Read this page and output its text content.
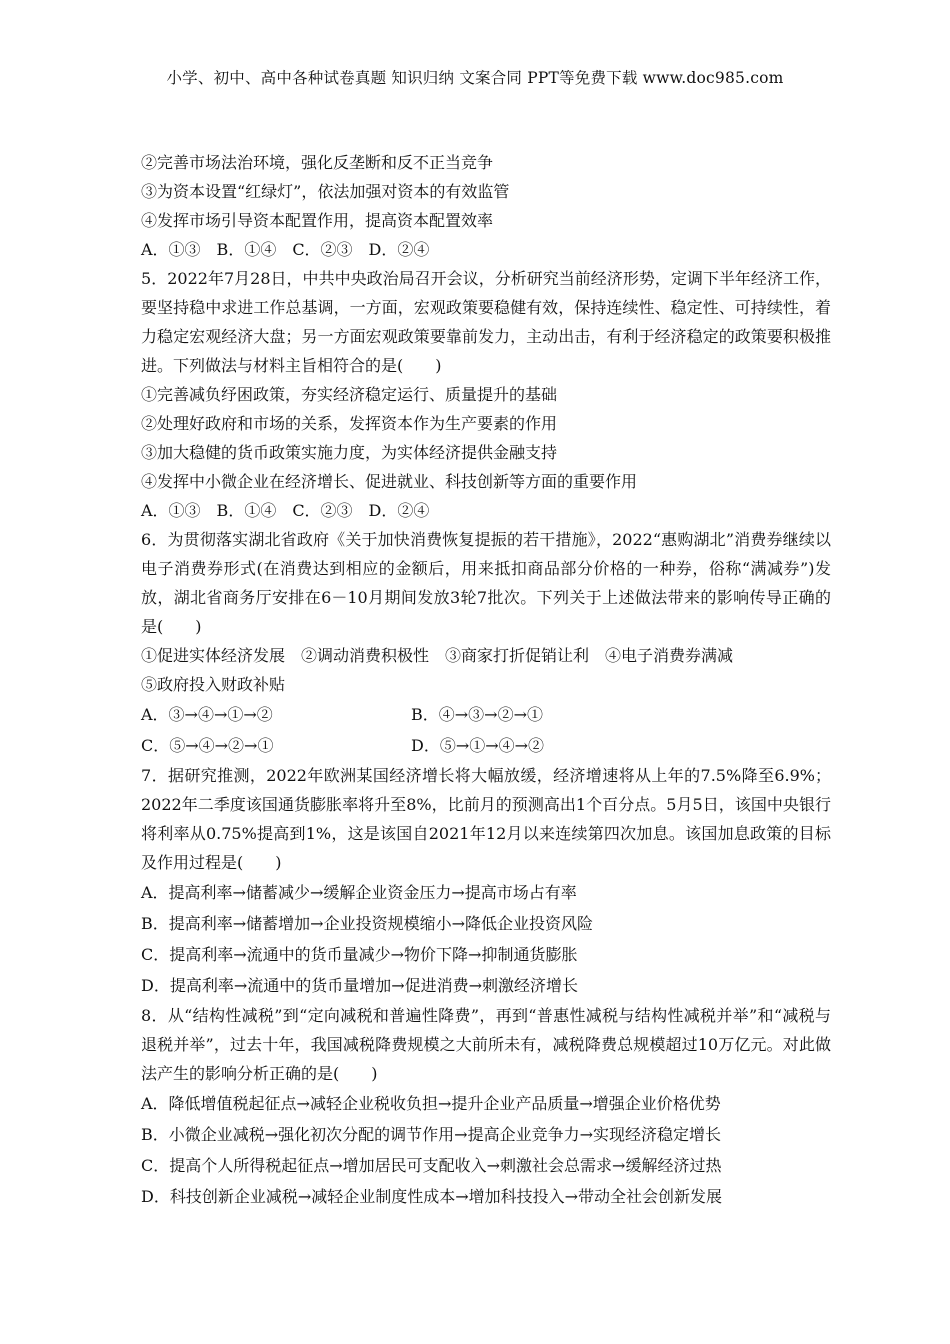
小学、初中、高中各种试卷真题 知识归纳 文案合同 PPT等免费下载 www.doc985.com
②完善市场法治环境，强化反垄断和反不正当竞争
③为资本设置“红绿灯”，依法加强对资本的有效监管
④发挥市场引导资本配置作用，提高资本配置效率
A．①③　B．①④　C．②③　D．②④
5．2022年7月28日，中共中央政治局召开会议，分析研究当前经济形势，定调下半年经济工作，要坚持稳中求进工作总基调，一方面，宏观政策要稳健有效，保持连续性、稳定性、可持续性，着力稳定宏观经济大盘；另一方面宏观政策要靠前发力，主动出击，有利于经济稳定的政策要积极推进。下列做法与材料主旨相符合的是(　　)
①完善减负纾困政策，夯实经济稳定运行、质量提升的基础
②处理好政府和市场的关系，发挥资本作为生产要素的作用
③加大稳健的货币政策实施力度，为实体经济提供金融支持
④发挥中小微企业在经济增长、促进就业、科技创新等方面的重要作用
A．①③　B．①④　C．②③　D．②④
6．为贯彻落实湖北省政府《关于加快消费恢复提振的若干措施》，2022“惠购湖北”消费券继续以电子消费券形式(在消费达到相应的金额后，用来抵扣商品部分价格的一种券，俗称“满减券”)发放，湖北省商务厅安排在6－10月期间发放3轮7批次。下列关于上述做法带来的影响传导正确的是(　　)
①促进实体经济发展　②调动消费积极性　③商家打折促销让利　④电子消费券满减
⑤政府投入财政补贴
A．③→④→①→②	B．④→③→②→①
C．⑤→④→②→①	D．⑤→①→④→②
7．据研究推测，2022年欧洲某国经济增长将大幅放缓，经济增速将从上年的7.5%降至6.9%；2022年二季度该国通货膨胀率将升至8%，比前月的预测高出1个百分点。5月5日，该国中央银行将利率从0.75%提高到1%，这是该国自2021年12月以来连续第四次加息。该国加息政策的目标及作用过程是(　　)
A．提高利率→储蓄减少→缓解企业资金压力→提高市场占有率
B．提高利率→储蓄增加→企业投资规模缩小→降低企业投资风险
C．提高利率→流通中的货币量减少→物价下降→抑制通货膨胀
D．提高利率→流通中的货币量增加→促进消费→刺激经济增长
8．从“结构性减税”到“定向减税和普遍性降费”，再到“普惠性减税与结构性减税并举”和“减税与退税并举”，过去十年，我国减税降费规模之大前所未有，减税降费总规模超过10万亿元。对此做法产生的影响分析正确的是(　　)
A．降低增值税起征点→减轻企业税收负担→提升企业产品质量→增强企业价格优势
B．小微企业减税→强化初次分配的调节作用→提高企业竞争力→实现经济稳定增长
C．提高个人所得税起征点→增加居民可支配收入→刺激社会总需求→缓解经济过热
D．科技创新企业减税→减轻企业制度性成本→增加科技投入→带动全社会创新发展
